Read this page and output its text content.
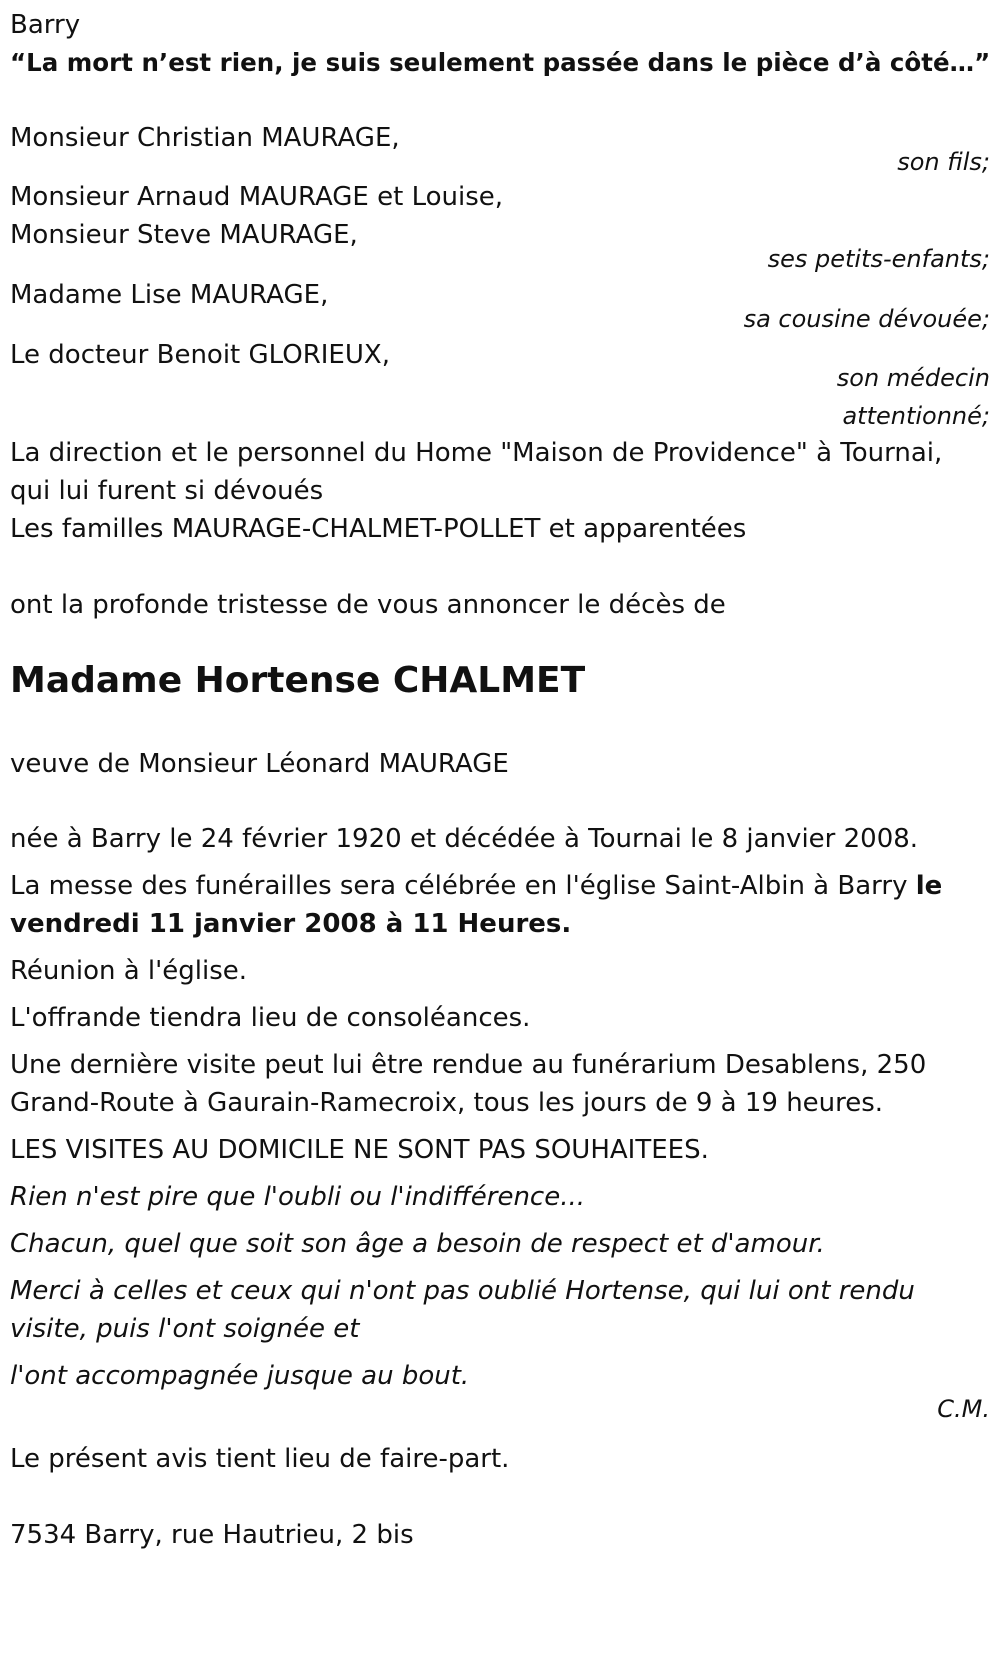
Barry
“La mort n’est rien, je suis seulement passée dans le pièce d’à côté…”
Monsieur Christian MAURAGE,
son fils;
Monsieur Arnaud MAURAGE et Louise,
Monsieur Steve MAURAGE,
ses petits-enfants;
Madame Lise MAURAGE,
sa cousine dévouée;
Le docteur Benoit GLORIEUX,
son médecin
attentionné;
La direction et le personnel du Home "Maison de Providence" à Tournai,
qui lui furent si dévoués
Les familles MAURAGE-CHALMET-POLLET et apparentées
ont la profonde tristesse de vous annoncer le décès de
Madame Hortense CHALMET
veuve de Monsieur Léonard MAURAGE
née à Barry le 24 février 1920 et décédée à Tournai le 8 janvier 2008.
La messe des funérailles sera célébrée en l'église Saint-Albin à Barry le vendredi 11 janvier 2008 à 11 Heures.
Réunion à l'église.
L'offrande tiendra lieu de consoléances.
Une dernière visite peut lui être rendue au funérarium Desablens, 250
Grand-Route à Gaurain-Ramecroix, tous les jours de 9 à 19 heures.
LES VISITES AU DOMICILE NE SONT PAS SOUHAITEES.
Rien n'est pire que l'oubli ou l'indifférence...
Chacun, quel que soit son âge a besoin de respect et d'amour.
Merci à celles et ceux qui n'ont pas oublié Hortense, qui lui ont rendu
visite, puis l'ont soignée et
l'ont accompagnée jusque au bout.
C.M.
Le présent avis tient lieu de faire-part.
7534 Barry, rue Hautrieu, 2 bis
